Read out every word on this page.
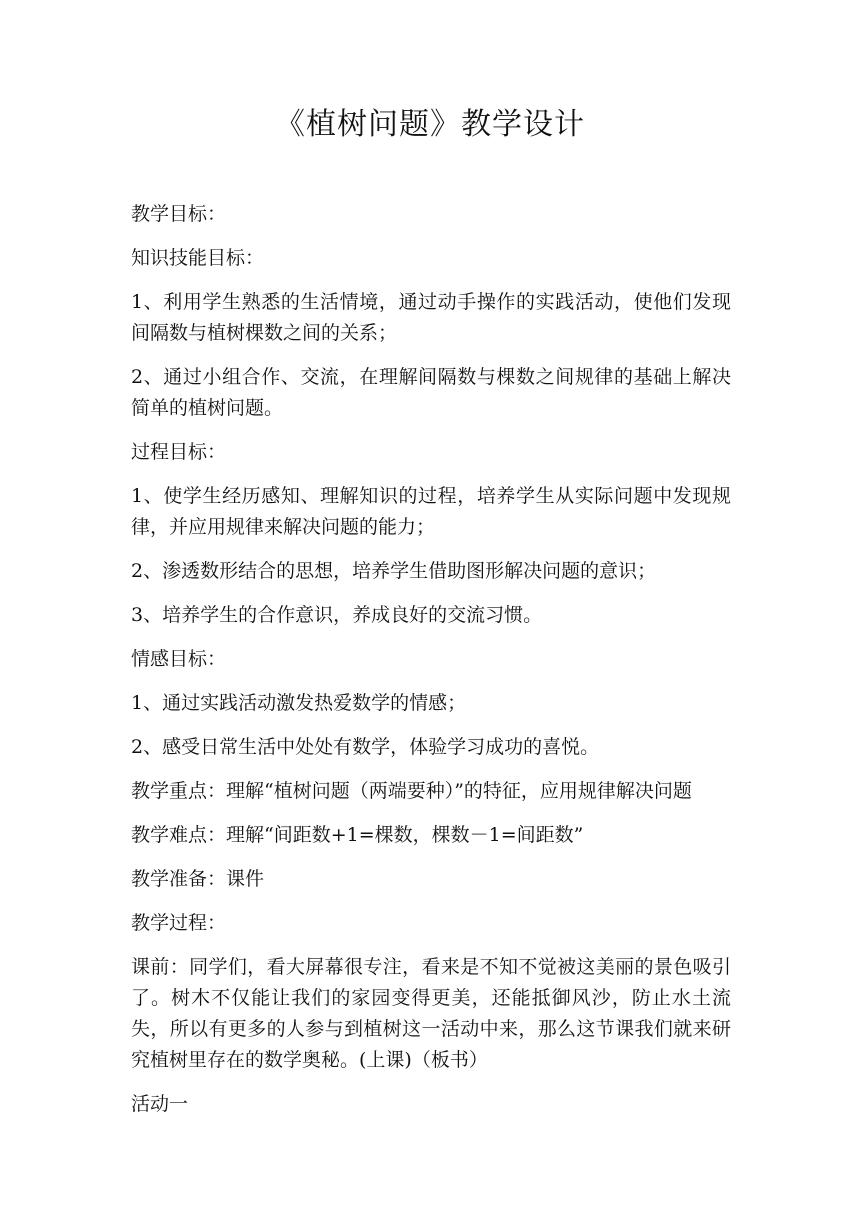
《植树问题》教学设计

教学目标：

知识技能目标：

1、利用学生熟悉的生活情境，通过动手操作的实践活动，使他们发现间隔数与植树棵数之间的关系；

2、通过小组合作、交流，在理解间隔数与棵数之间规律的基础上解决简单的植树问题。

过程目标：

1、使学生经历感知、理解知识的过程，培养学生从实际问题中发现规律，并应用规律来解决问题的能力；

2、渗透数形结合的思想，培养学生借助图形解决问题的意识；

3、培养学生的合作意识，养成良好的交流习惯。

情感目标：

1、通过实践活动激发热爱数学的情感；

2、感受日常生活中处处有数学，体验学习成功的喜悦。

教学重点：理解“植树问题（两端要种）”的特征，应用规律解决问题

教学难点：理解“间距数+1=棵数，棵数－1=间距数”

教学准备：课件

教学过程：

课前：同学们，看大屏幕很专注，看来是不知不觉被这美丽的景色吸引了。树木不仅能让我们的家园变得更美，还能抵御风沙，防止水土流失，所以有更多的人参与到植树这一活动中来，那么这节课我们就来研究植树里存在的数学奥秘。(上课)（板书）

活动一
